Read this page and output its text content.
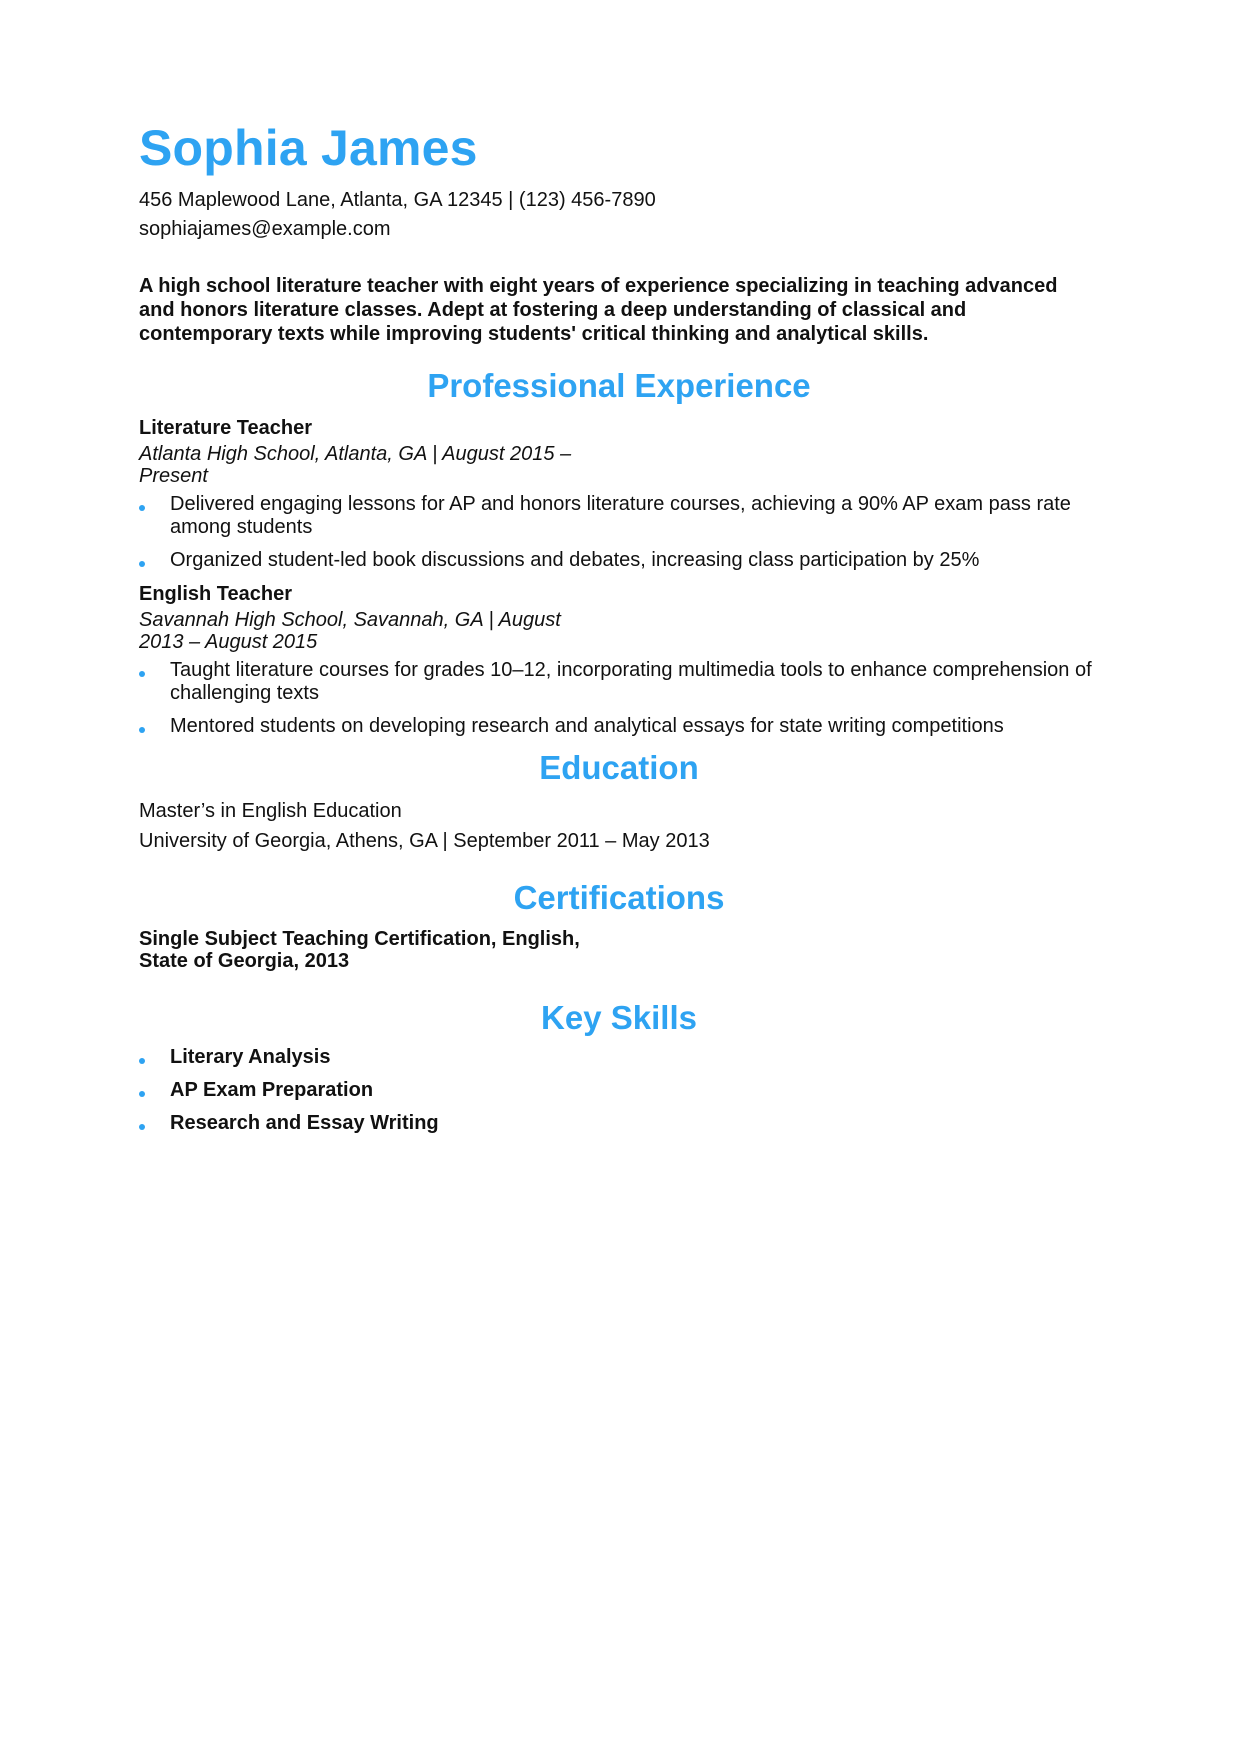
Sophia James

456 Maplewood Lane, Atlanta, GA 12345 | (123) 456-7890

sophiajames@example.com

A high school literature teacher with eight years of experience specializing in teaching advanced and honors literature classes. Adept at fostering a deep understanding of classical and contemporary texts while improving students' critical thinking and analytical skills.

Professional Experience

Literature Teacher

Atlanta High School, Atlanta, GA | August 2015 – Present

Delivered engaging lessons for AP and honors literature courses, achieving a 90% AP exam pass rate among students
Organized student-led book discussions and debates, increasing class participation by 25%

English Teacher

Savannah High School, Savannah, GA | August 2013 – August 2015

Taught literature courses for grades 10–12, incorporating multimedia tools to enhance comprehension of challenging texts
Mentored students on developing research and analytical essays for state writing competitions
Education

Master’s in English Education

University of Georgia, Athens, GA | September 2011 – May 2013

Certifications

Single Subject Teaching Certification, English, State of Georgia, 2013

Key Skills
Literary Analysis
AP Exam Preparation
Research and Essay Writing
